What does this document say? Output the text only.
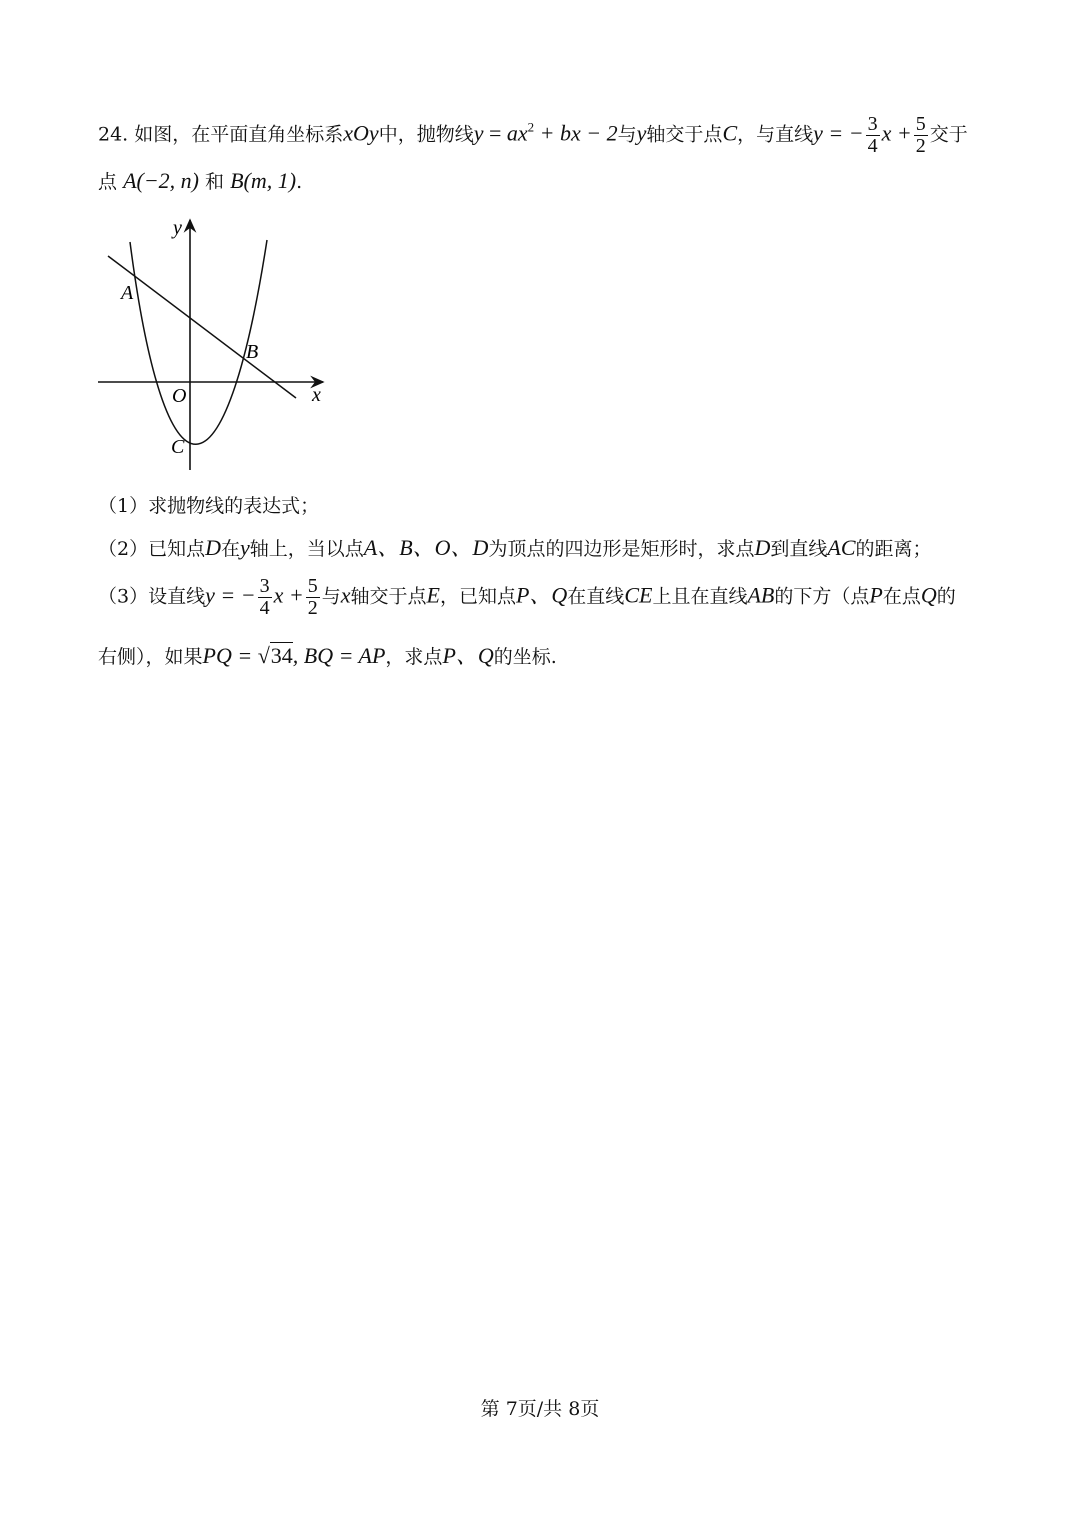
24. 如图，在平面直角坐标系xOy中，抛物线$y = ax^2$ + bx − 2与y轴交于点C，与直线y = − $\frac{3}{4}$ $x + \frac{5}{2}$ 交于
点 A(−2, n) 和 B(m, 1).
y
x
O
A
B
C
（1）求抛物线的表达式；
（2）已知点D在y轴上，当以点A、B、O、D为顶点的四边形是矩形时，求点D到直线AC的距离；
（3）设直线y = − $\frac{3}{4}$ $x + \frac{5}{2}$ 与x轴交于点E，已知点P、Q在直线CE上且在直线AB的下方（点P在点Q的
右侧），如果PQ = √34, BQ = AP，求点P、Q的坐标.
第 7页/共 8页
